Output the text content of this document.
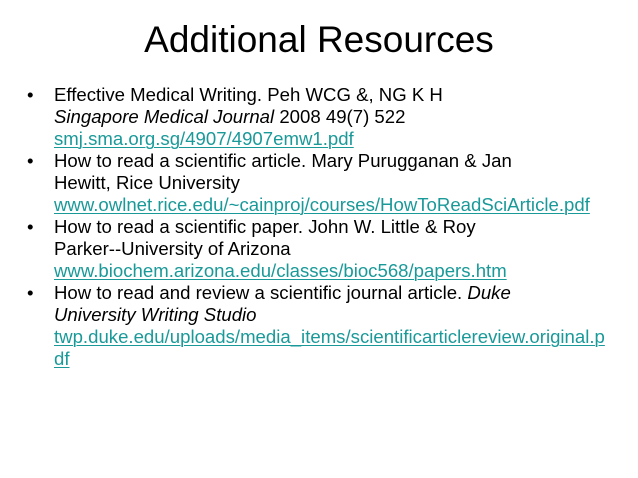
Additional Resources
• Effective Medical Writing. Peh WCG &, NG K H
Singapore Medical Journal 2008 49(7) 522
smj.sma.org.sg/4907/4907emw1.pdf
• How to read a scientific article. Mary Purugganan & Jan
Hewitt, Rice University
www.owlnet.rice.edu/~cainproj/courses/HowToReadSciArticle.pdf
• How to read a scientific paper. John W. Little & Roy
Parker--University of Arizona
www.biochem.arizona.edu/classes/bioc568/papers.htm
• How to read and review a scientific journal article. Duke
University Writing Studio
twp.duke.edu/uploads/media_items/scientificarticlereview.original.pdf
